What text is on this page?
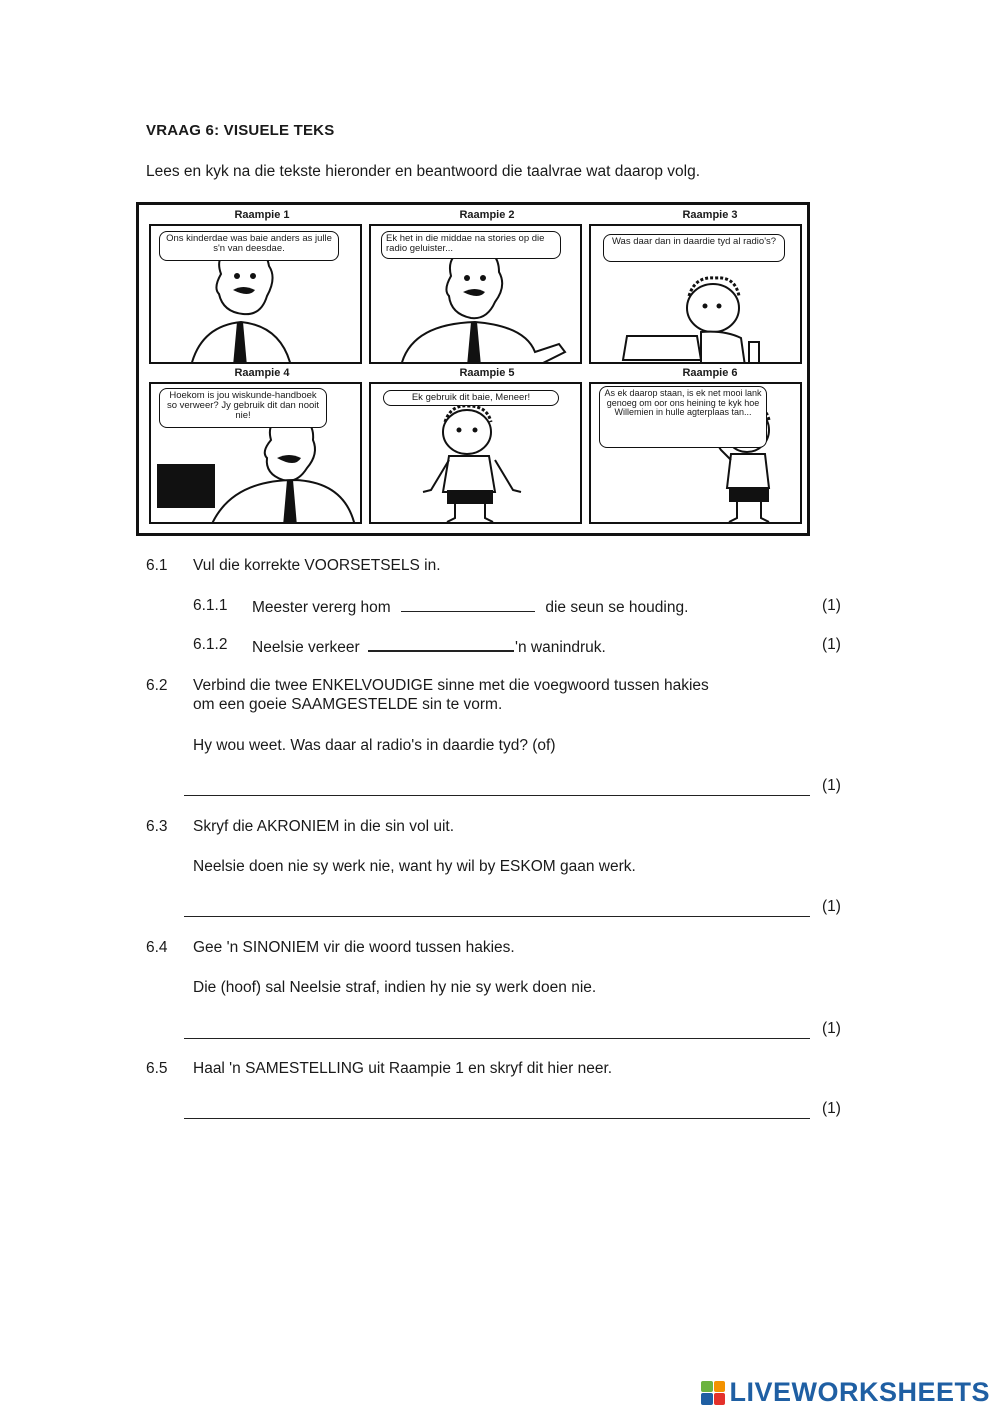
VRAAG 6: VISUELE TEKS
Lees en kyk na die tekste hieronder en beantwoord die taalvrae wat daarop volg.
Raampie 1	Raampie 2	Raampie 3
Ons kinderdae was baie anders as julle s'n van deesdae.
Ek het in die middae na stories op die radio geluister...
Was daar dan in daardie tyd al radio's?
Raampie 4	Raampie 5	Raampie 6
Hoekom is jou wiskunde-handboek so verweer? Jy gebruik dit dan nooit nie!
Ek gebruik dit baie, Meneer!	As ek daarop staan, is ek net mooi lank genoeg om oor ons heining te kyk hoe Willemien in hulle agterplaas tan...
6.1 Vul die korrekte VOORSETSELS in.
6.1.1 Meester vererg hom	die seun se houding.	(1)
6.1.2 Neelsie verkeer	'n wanindruk.	(1)
6.2 Verbind die twee ENKELVOUDIGE sinne met die voegwoord tussen hakies
om een goeie SAAMGESTELDE sin te vorm.
Hy wou weet. Was daar al radio's in daardie tyd? (of)
(1)
6.3 Skryf die AKRONIEM in die sin vol uit.
Neelsie doen nie sy werk nie, want hy wil by ESKOM gaan werk.
(1)
6.4 Gee 'n SINONIEM vir die woord tussen hakies.
Die (hoof) sal Neelsie straf, indien hy nie sy werk doen nie.
(1)
6.5 Haal 'n SAMESTELLING uit Raampie 1 en skryf dit hier neer.
(1)
LIVEWORKSHEETS
